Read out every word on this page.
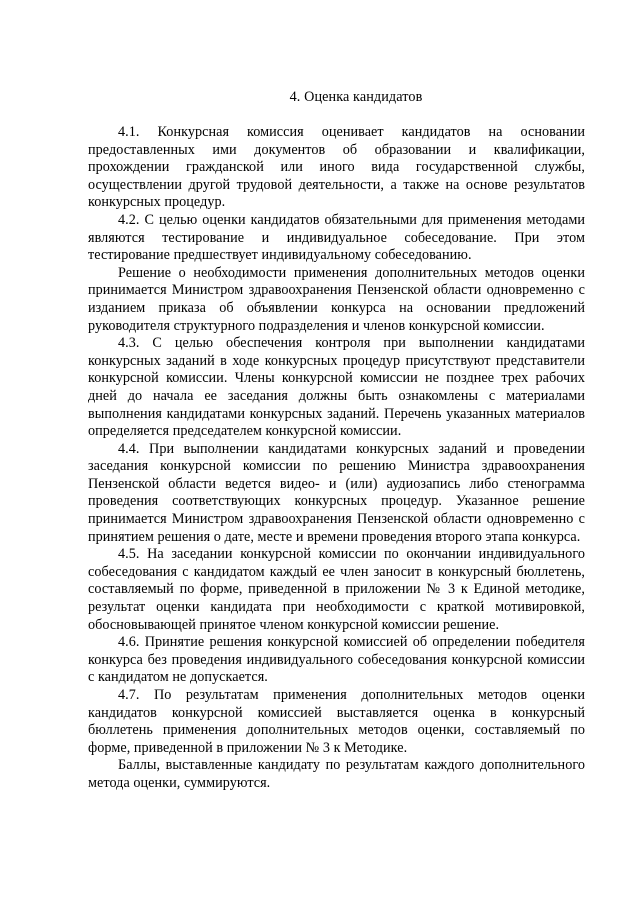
4. Оценка кандидатов

4.1. Конкурсная комиссия оценивает кандидатов на основании предоставленных ими документов об образовании и квалификации, прохождении гражданской или иного вида государственной службы, осуществлении другой трудовой деятельности, а также на основе результатов конкурсных процедур.

4.2. С целью оценки кандидатов обязательными для применения методами являются тестирование и индивидуальное собеседование. При этом тестирование предшествует индивидуальному собеседованию.

Решение о необходимости применения дополнительных методов оценки принимается Министром здравоохранения Пензенской области одновременно с изданием приказа об объявлении конкурса на основании предложений руководителя структурного подразделения и членов конкурсной комиссии.

4.3. С целью обеспечения контроля при выполнении кандидатами конкурсных заданий в ходе конкурсных процедур присутствуют представители конкурсной комиссии. Члены конкурсной комиссии не позднее трех рабочих дней до начала ее заседания должны быть ознакомлены с материалами выполнения кандидатами конкурсных заданий. Перечень указанных материалов определяется председателем конкурсной комиссии.

4.4. При выполнении кандидатами конкурсных заданий и проведении заседания конкурсной комиссии по решению Министра здравоохранения Пензенской области ведется видео- и (или) аудиозапись либо стенограмма проведения соответствующих конкурсных процедур. Указанное решение принимается Министром здравоохранения Пензенской области одновременно с принятием решения о дате, месте и времени проведения второго этапа конкурса.

4.5. На заседании конкурсной комиссии по окончании индивидуального собеседования с кандидатом каждый ее член заносит в конкурсный бюллетень, составляемый по форме, приведенной в приложении № 3 к Единой методике, результат оценки кандидата при необходимости с краткой мотивировкой, обосновывающей принятое членом конкурсной комиссии решение.

4.6. Принятие решения конкурсной комиссией об определении победителя конкурса без проведения индивидуального собеседования конкурсной комиссии с кандидатом не допускается.

4.7. По результатам применения дополнительных методов оценки кандидатов конкурсной комиссией выставляется оценка в конкурсный бюллетень применения дополнительных методов оценки, составляемый по форме, приведенной в приложении № 3 к Методике.

Баллы, выставленные кандидату по результатам каждого дополнительного метода оценки, суммируются.
